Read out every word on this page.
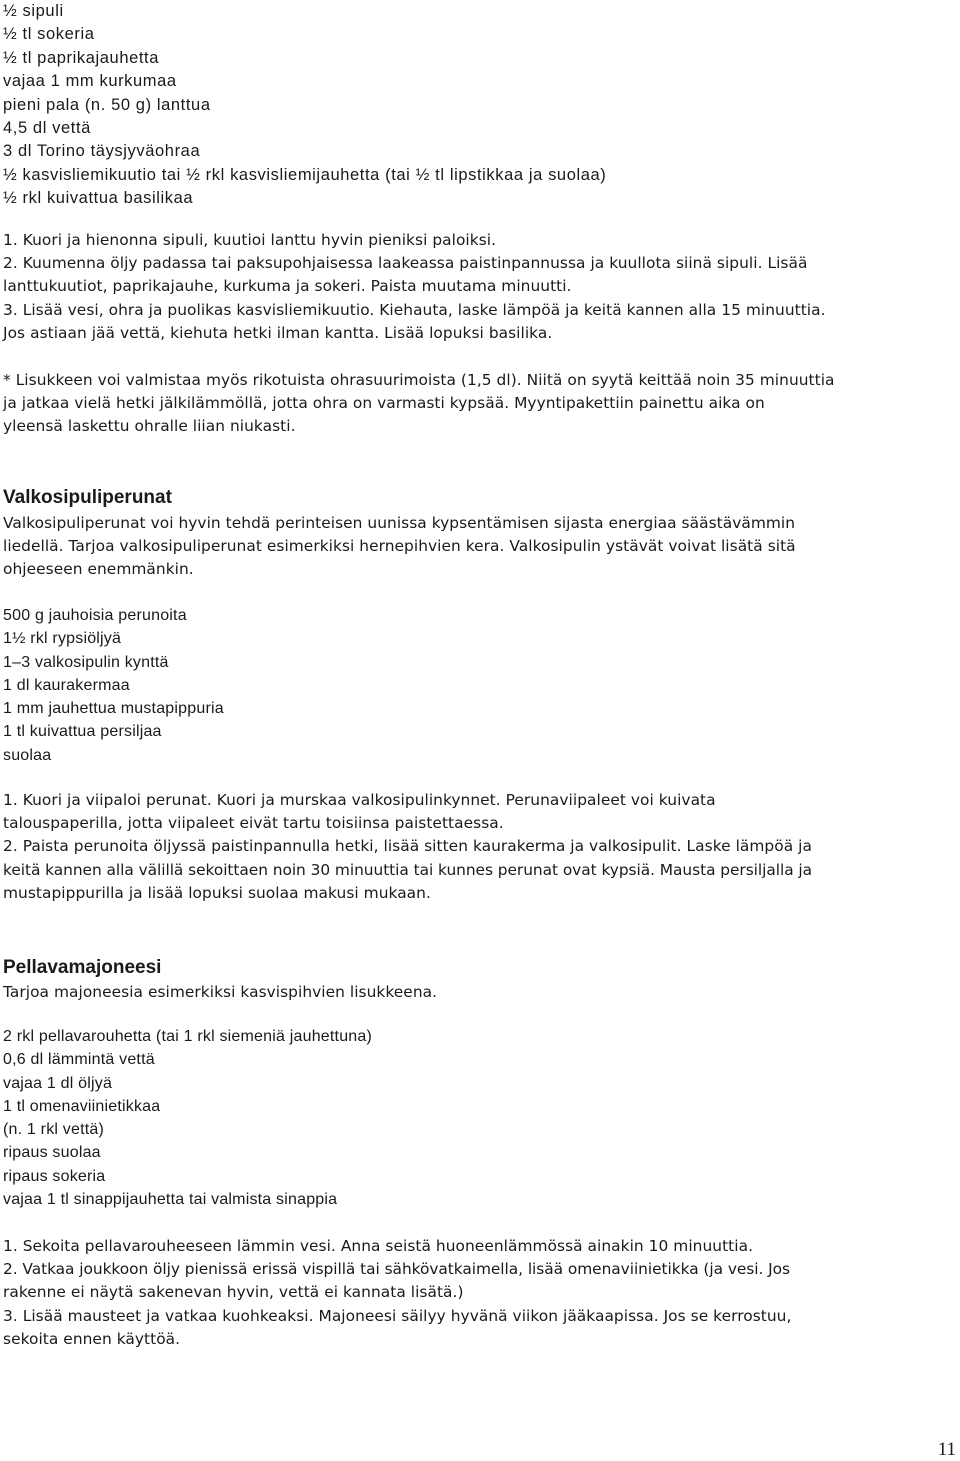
½ sipuli
½ tl sokeria
½ tl paprikajauhetta
vajaa 1 mm kurkumaa
pieni pala (n. 50 g) lanttua
4,5 dl vettä
3 dl Torino täysjyväohraa
½ kasvisliemikuutio tai ½ rkl kasvisliemijauhetta (tai ½ tl lipstikkaa ja suolaa)
½ rkl kuivattua basilikaa
1. Kuori ja hienonna sipuli, kuutioi lanttu hyvin pieniksi paloiksi.
2. Kuumenna öljy padassa tai paksupohjaisessa laakeassa paistinpannussa ja kuullota siinä sipuli. Lisää
lanttukuutiot, paprikajauhe, kurkuma ja sokeri. Paista muutama minuutti.
3. Lisää vesi, ohra ja puolikas kasvisliemikuutio. Kiehauta, laske lämpöä ja keitä kannen alla 15 minuuttia.
Jos astiaan jää vettä, kiehuta hetki ilman kantta. Lisää lopuksi basilika.
* Lisukkeen voi valmistaa myös rikotuista ohrasuurimoista (1,5 dl). Niitä on syytä keittää noin 35 minuuttia
ja jatkaa vielä hetki jälkilämmöllä, jotta ohra on varmasti kypsää. Myyntipakettiin painettu aika on
yleensä laskettu ohralle liian niukasti.
Valkosipuliperunat
Valkosipuliperunat voi hyvin tehdä perinteisen uunissa kypsentämisen sijasta energiaa säästävämmin
liedellä. Tarjoa valkosipuliperunat esimerkiksi hernepihvien kera. Valkosipulin ystävät voivat lisätä sitä
ohjeeseen enemmänkin.
500 g jauhoisia perunoita
1½ rkl rypsiöljyä
1–3 valkosipulin kynttä
1 dl kaurakermaa
1 mm jauhettua mustapippuria
1 tl kuivattua persiljaa
suolaa
1. Kuori ja viipaloi perunat. Kuori ja murskaa valkosipulinkynnet. Perunaviipaleet voi kuivata
talouspaperilla, jotta viipaleet eivät tartu toisiinsa paistettaessa.
2. Paista perunoita öljyssä paistinpannulla hetki, lisää sitten kaurakerma ja valkosipulit. Laske lämpöä ja
keitä kannen alla välillä sekoittaen noin 30 minuuttia tai kunnes perunat ovat kypsiä. Mausta persiljalla ja
mustapippurilla ja lisää lopuksi suolaa makusi mukaan.
Pellavamajoneesi
Tarjoa majoneesia esimerkiksi kasvispihvien lisukkeena.
2 rkl pellavarouhetta (tai 1 rkl siemeniä jauhettuna)
0,6 dl lämmintä vettä
vajaa 1 dl öljyä
1 tl omenaviinietikkaa
(n. 1 rkl vettä)
ripaus suolaa
ripaus sokeria
vajaa 1 tl sinappijauhetta tai valmista sinappia
1. Sekoita pellavarouheeseen lämmin vesi. Anna seistä huoneenlämmössä ainakin 10 minuuttia.
2. Vatkaa joukkoon öljy pienissä erissä vispillä tai sähkövatkaimella, lisää omenaviinietikka (ja vesi. Jos
rakenne ei näytä sakenevan hyvin, vettä ei kannata lisätä.)
3. Lisää mausteet ja vatkaa kuohkeaksi. Majoneesi säilyy hyvänä viikon jääkaapissa. Jos se kerrostuu,
sekoita ennen käyttöä.
11
